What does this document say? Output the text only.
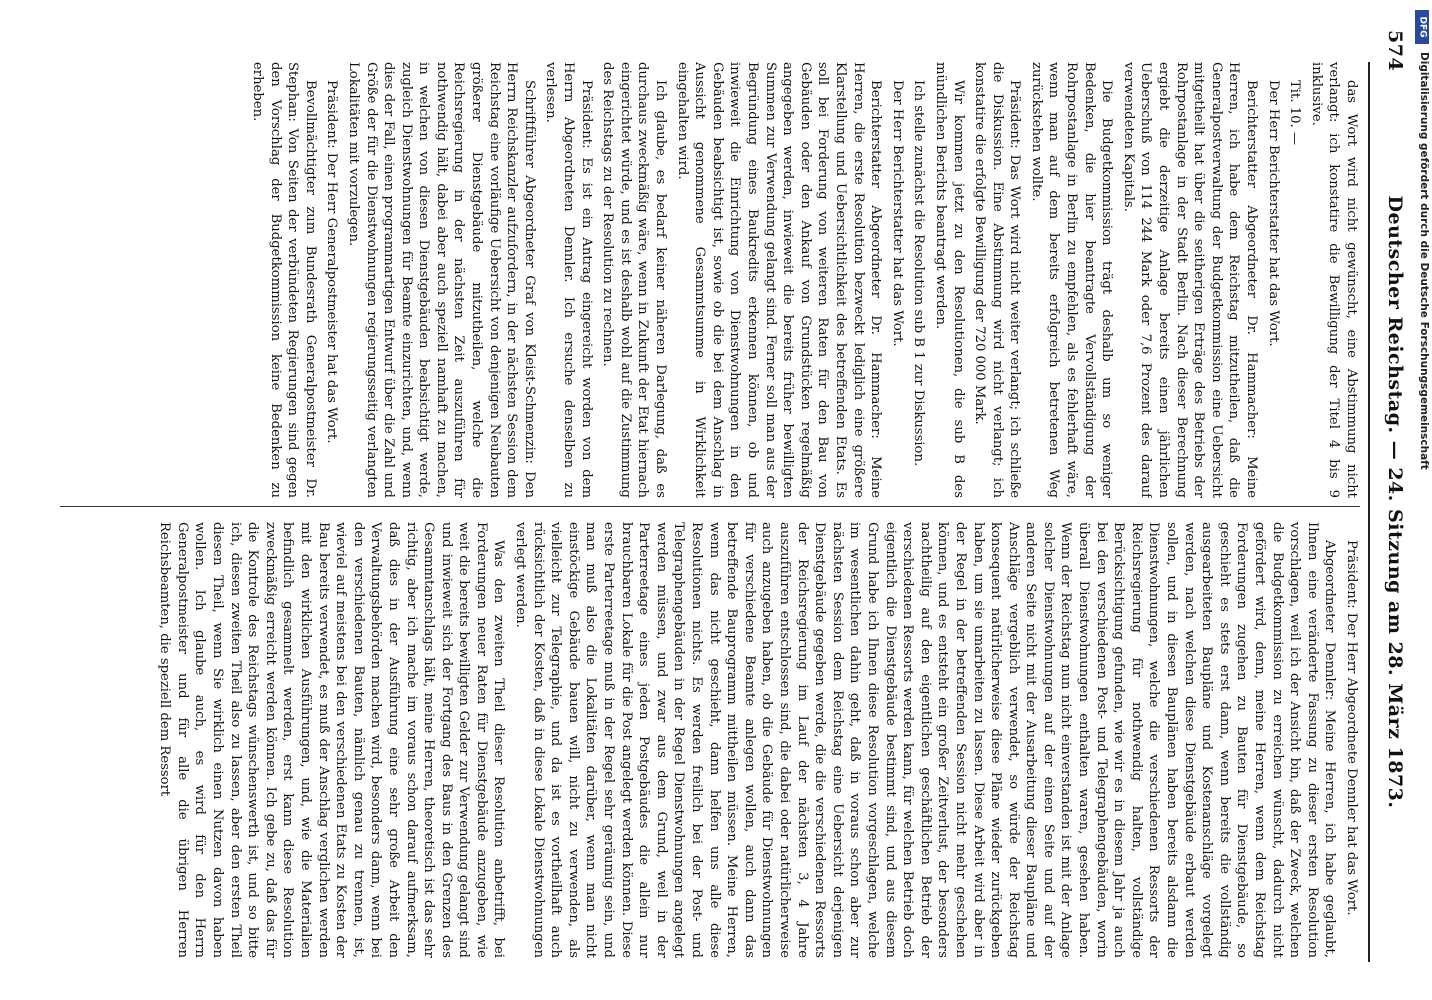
574
Deutscher Reichstag. — 24. Sitzung am 28. März 1873.

das Wort wird nicht gewünscht, eine Abstimmung nicht verlangt: ich konstatire die Bewilligung der Titel 4 bis 9 inklusive.

Tit. 10. —

Der Herr Berichterstatter hat das Wort.

Berichterstatter Abgeordneter Dr. Hammacher: Meine Herren, ich habe dem Reichstag mitzutheilen, daß die Generalpostverwaltung der Budgetkommission eine Uebersicht mitgetheilt hat über die seitherigen Erträge des Betriebs der Rohrpostanlage in der Stadt Berlin. Nach dieser Berechnung ergiebt die derzeitige Anlage bereits einen jährlichen Ueberschuß von 114 244 Mark oder 7,6 Prozent des darauf verwendeten Kapitals.

Die Budgetkommission trägt deshalb um so weniger Bedenken, die hier beantragte Vervollständigung der Rohrpostanlage in Berlin zu empfehlen, als es fehlerhaft wäre, wenn man auf dem bereits erfolgreich betretenen Weg zurückstehen wollte.

Präsident: Das Wort wird nicht weiter verlangt; ich schließe die Diskussion. Eine Abstimmung wird nicht verlangt; ich konstatire die erfolgte Bewilligung der 720 000 Mark.

Wir kommen jetzt zu den Resolutionen, die sub B des mündlichen Berichts beantragt werden.

Ich stelle zunächst die Resolution sub B 1 zur Diskussion.

Der Herr Berichterstatter hat das Wort.

Berichterstatter Abgeordneter Dr. Hammacher: Meine Herren, die erste Resolution bezweckt lediglich eine größere Klarstellung und Uebersichtlichkeit des betreffenden Etats. Es soll bei Forderung von weiteren Raten für den Bau von Gebäuden oder den Ankauf von Grundstücken regelmäßig angegeben werden, inwieweit die bereits früher bewilligten Summen zur Verwendung gelangt sind. Ferner soll man aus der Begründung eines Baukredits erkennen können, ob und inwieweit die Einrichtung von Dienstwohnungen in den Gebäuden beabsichtigt ist, sowie ob die bei dem Anschlag in Aussicht genommene Gesammtsumme in Wirklichkeit eingehalten wird.

Ich glaube, es bedarf keiner näheren Darlegung, daß es durchaus zweckmäßig wäre, wenn in Zukunft der Etat hiernach eingerichtet würde, und es ist deshalb wohl auf die Zustimmung des Reichstags zu der Resolution zu rechnen.

Präsident: Es ist ein Antrag eingereicht worden von dem Herrn Abgeordneten Dennler. Ich ersuche denselben zu verlesen.

Schriftführer Abgeordneter Graf von Kleist-Schmenzin: Den Herrn Reichskanzler aufzufordern, in der nächsten Session dem Reichstag eine vorläufige Uebersicht von denjenigen Neubauten größerer Dienstgebäude mitzutheilen, welche die Reichsregierung in der nächsten Zeit auszuführen für nothwendig hält, dabei aber auch speziell namhaft zu machen, in welchen von diesen Dienstgebäuden beabsichtigt werde, zugleich Dienstwohnungen für Beamte einzurichten, und, wenn dies der Fall, einen programmartigen Entwurf über die Zahl und Größe der für die Dienstwohnungen regierungsseitig verlangten Lokalitäten mit vorzulegen.

Präsident: Der Herr Generalpostmeister hat das Wort.

Bevollmächtigter zum Bundesrath Generalpostmeister Dr. Stephan: Von Seiten der verbündeten Regierungen sind gegen den Vorschlag der Budgetkommission keine Bedenken zu erheben.

Präsident: Der Herr Abgeordnete Dennler hat das Wort.

Abgeordneter Dennler: Meine Herren, ich habe geglaubt, Ihnen eine veränderte Fassung zu dieser ersten Resolution vorschlagen, weil ich der Ansicht bin, daß der Zweck, welchen die Budgetkommission zu erreichen wünscht, dadurch nicht gefördert wird, denn, meine Herren, wenn dem Reichstag Forderungen zugehen zu Bauten für Dienstgebäude, so geschieht es stets erst dann, wenn bereits die vollständig ausgearbeiteten Baupläne und Kostenanschläge vorgelegt werden, nach welchen diese Dienstgebäude erbaut werden sollen, und in diesen Bauplänen haben bereits alsdann die Dienstwohnungen, welche die verschiedenen Ressorts der Reichsregierung für nothwendig halten, vollständige Berücksichtigung gefunden, wie wir es in diesem Jahr ja auch bei den verschiedenen Post- und Telegraphengebäuden, worin überall Dienstwohnungen enthalten waren, gesehen haben. Wenn der Reichstag nun nicht einverstanden ist mit der Anlage solcher Dienstwohnungen auf der einen Seite und auf der anderen Seite nicht mit der Ausarbeitung dieser Baupläne und Anschläge vergeblich verwendet, so würde der Reichstag konsequent natürlicherweise diese Pläne wieder zurückgeben haben, um sie umarbeiten zu lassen. Diese Arbeit wird aber in der Regel in der betreffenden Session nicht mehr geschehen können, und es entsteht ein großer Zeitverlust, der besonders nachtheilig auf den eigentlichen geschäftlichen Betrieb der verschiedenen Ressorts werden kann, für welchen Betrieb doch eigentlich die Dienstgebäude bestimmt sind, und aus diesem Grund habe ich Ihnen diese Resolution vorgeschlagen, welche im wesentlichen dahin geht, daß in voraus schon aber zur nächsten Session dem Reichstag eine Uebersicht derjenigen Dienstgebäude gegeben werde, die die verschiedenen Ressorts der Reichsregierung im Lauf der nächsten 3, 4 Jahre auszuführen entschlossen sind, die dabei oder natürlicherweise auch anzugeben haben, ob die Gebäude für Dienstwohnungen für verschiedene Beamte anlegen wollen, auch dann das betreffende Bauprogramm mittheilen müssen. Meine Herren, wenn das nicht geschieht, dann helfen uns alle diese Resolutionen nichts. Es werden freilich bei der Post- und Telegraphengebäuden in der Regel Dienstwohnungen angelegt werden müssen, und zwar aus dem Grund, weil in der Parterreetage eines jeden Postgebäudes die allein nur brauchbaren Lokale für die Post angelegt werden können. Diese erste Parterreetage muß in der Regel sehr geräumig sein, und man muß also die Lokalitäten darüber, wenn man nicht einstöckige Gebäude bauen will, nicht zu verwenden, als vielleicht zur Telegraphie, und da ist es vortheilhaft auch rücksichtlich der Kosten, daß in diese Lokale Dienstwohnungen verlegt werden.

Was den zweiten Theil dieser Resolution anbetrifft, bei Forderungen neuer Raten für Dienstgebäude anzugeben, wie weit die bereits bewilligten Gelder zur Verwendung gelangt sind und inwieweit sich der Fortgang des Baus in den Grenzen des Gesammtanschlags hält, meine Herren, theoretisch ist das sehr richtig, aber ich mache im voraus schon darauf aufmerksam, daß dies in der Ausführung eine sehr große Arbeit den Verwaltungsbehörden machen wird, besonders dann, wenn bei den verschiedenen Bauten, nämlich genau zu trennen, ist, wieviel auf meistens bei den verschiedenen Etats zu Kosten der Bau bereits verwendet, es muß der Anschlag verglichen werden mit den wirklichen Ausführungen, und, wie die Materialien befindlich gesammelt werden, erst kann diese Resolution zweckmäßig erreicht werden können. Ich gebe zu, daß das für die Kontrole des Reichstags wünschenswerth ist, und so bitte ich, diesen zweiten Theil also zu lassen, aber den ersten Theil diesen Theil, wenn Sie wirklich einen Nutzen davon haben wollen. Ich glaube auch, es wird für den Herrn Generalpostmeister und für alle die übrigen Herren Reichsbeamten, die speziell dem Ressort

DFG
Digitalisierung gefördert durch die Deutsche Forschungsgemeinschaft
